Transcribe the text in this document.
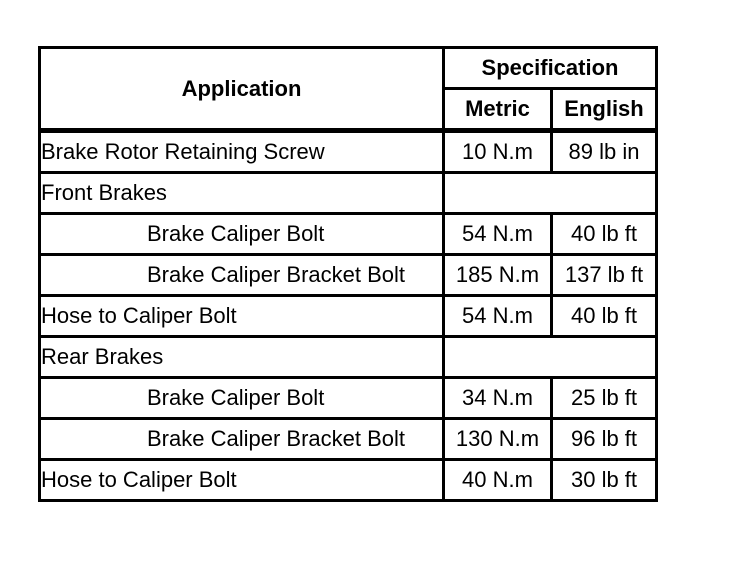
Application	Specification	
	Metric	English
Brake Rotor Retaining Screw	10 N.m	89 lb in
Front Brakes		
Brake Caliper Bolt	54 N.m	40 lb ft
Brake Caliper Bracket Bolt	185 N.m	137 lb ft
Hose to Caliper Bolt	54 N.m	40 lb ft
Rear Brakes		
Brake Caliper Bolt	34 N.m	25 lb ft
Brake Caliper Bracket Bolt	130 N.m	96 lb ft
Hose to Caliper Bolt	40 N.m	30 lb ft
